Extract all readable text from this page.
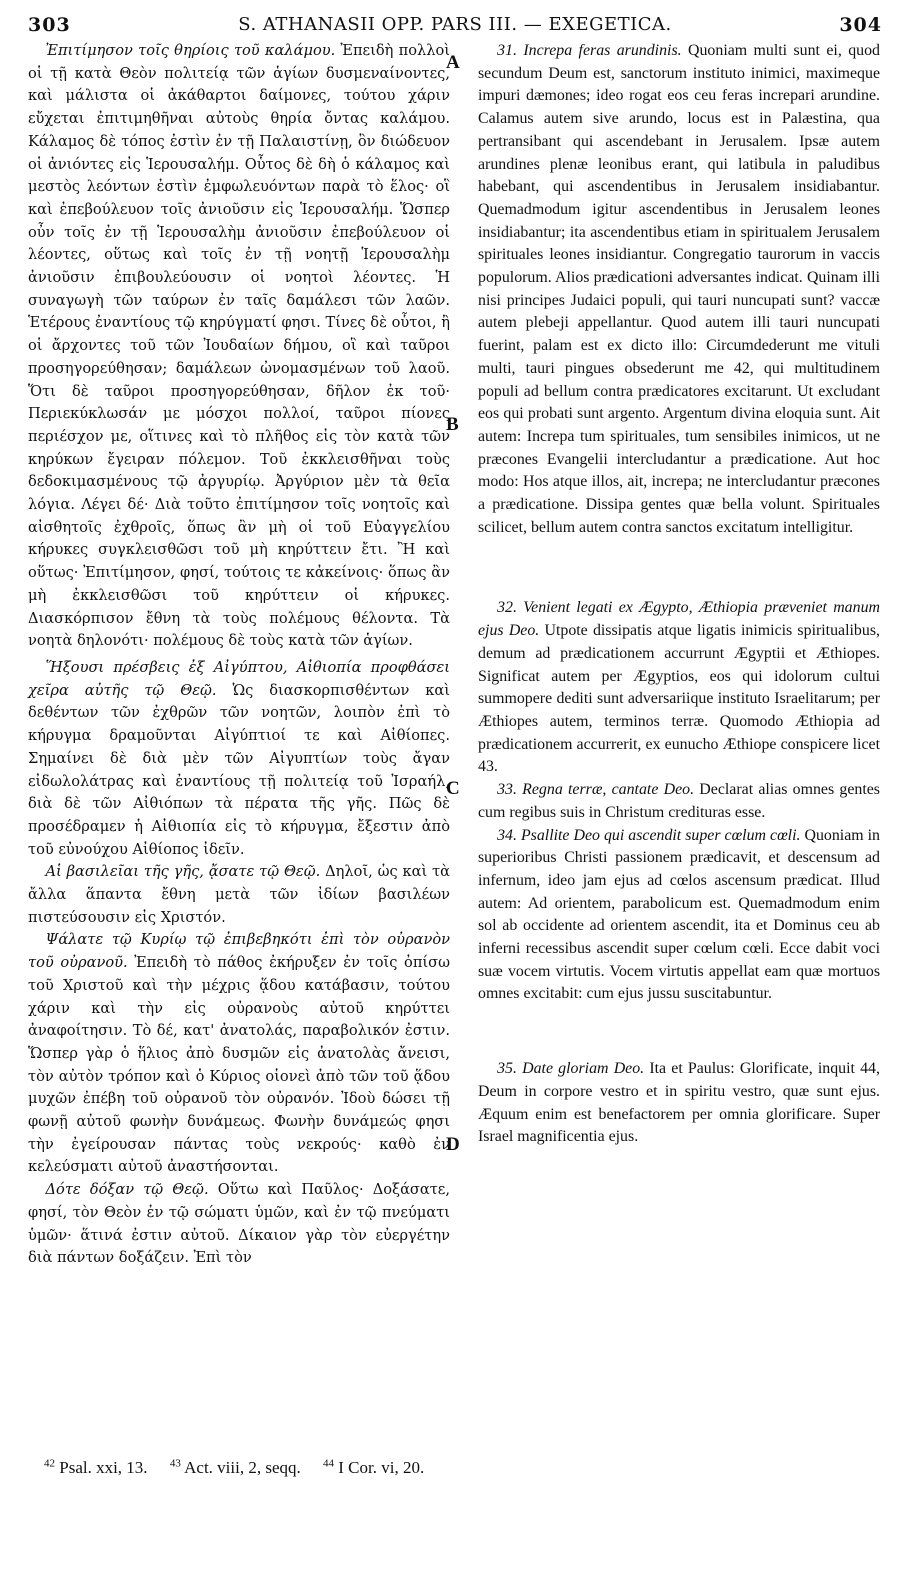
303	S. ATHANASII OPP. PARS III. — EXEGETICA.	304

Ἐπιτίμησον τοῖς θηρίοις τοῦ καλάμου. Ἐπειδὴ πολλοὶ οἱ τῇ κατὰ Θεὸν πολιτείᾳ τῶν ἁγίων δυσμεναίνοντες, καὶ μάλιστα οἱ ἀκάθαρτοι δαίμονες, τούτου χάριν εὔχεται ἐπιτιμηθῆναι αὐτοὺς θηρία ὄντας καλάμου. Κάλαμος δὲ τόπος ἐστὶν ἐν τῇ Παλαιστίνῃ, ὃν διώδευον οἱ ἀνιόντες εἰς Ἱερουσαλήμ. Οὗτος δὲ δὴ ὁ κάλαμος καὶ μεστὸς λεόντων ἐστὶν ἐμφωλευόντων παρὰ τὸ ἕλος· οἳ καὶ ἐπεβούλευον τοῖς ἀνιοῦσιν εἰς Ἱερουσαλήμ. Ὥσπερ οὖν τοῖς ἐν τῇ Ἱερουσαλὴμ ἀνιοῦσιν ἐπεβούλευον οἱ λέοντες, οὕτως καὶ τοῖς ἐν τῇ νοητῇ Ἱερουσαλὴμ ἀνιοῦσιν ἐπιβουλεύουσιν οἱ νοητοὶ λέοντες. Ἡ συναγωγὴ τῶν ταύρων ἐν ταῖς δαμάλεσι τῶν λαῶν. Ἑτέρους ἐναντίους τῷ κηρύγματί φησι. Τίνες δὲ οὗτοι, ἢ οἱ ἄρχοντες τοῦ τῶν Ἰουδαίων δήμου, οἳ καὶ ταῦροι προσηγορεύθησαν; δαμάλεων ὠνομασμένων τοῦ λαοῦ. Ὅτι δὲ ταῦροι προσηγορεύθησαν, δῆλον ἐκ τοῦ· Περιεκύκλωσάν με μόσχοι πολλοί, ταῦροι πίονες περιέσχον με, οἵτινες καὶ τὸ πλῆθος εἰς τὸν κατὰ τῶν κηρύκων ἔγειραν πόλεμον. Τοῦ ἐκκλεισθῆναι τοὺς δεδοκιμασμένους τῷ ἀργυρίῳ. Ἀργύριον μὲν τὰ θεῖα λόγια. Λέγει δέ· Διὰ τοῦτο ἐπιτίμησον τοῖς νοητοῖς καὶ αἰσθητοῖς ἐχθροῖς, ὅπως ἂν μὴ οἱ τοῦ Εὐαγγελίου κήρυκες συγκλεισθῶσι τοῦ μὴ κηρύττειν ἔτι. Ἢ καὶ οὕτως· Ἐπιτίμησον, φησί, τούτοις τε κἀκείνοις· ὅπως ἂν μὴ ἐκκλεισθῶσι τοῦ κηρύττειν οἱ κήρυκες. Διασκόρπισον ἔθνη τὰ τοὺς πολέμους θέλοντα. Τὰ νοητὰ δηλονότι· πολέμους δὲ τοὺς κατὰ τῶν ἁγίων.

Ἥξουσι πρέσβεις ἐξ Αἰγύπτου, Αἰθιοπία προφθάσει χεῖρα αὐτῆς τῷ Θεῷ. Ὡς διασκορπισθέντων καὶ δεθέντων τῶν ἐχθρῶν τῶν νοητῶν, λοιπὸν ἐπὶ τὸ κήρυγμα δραμοῦνται Αἰγύπτιοί τε καὶ Αἰθίοπες. Σημαίνει δὲ διὰ μὲν τῶν Αἰγυπτίων τοὺς ἄγαν εἰδωλολάτρας καὶ ἐναντίους τῇ πολιτείᾳ τοῦ Ἰσραήλ, διὰ δὲ τῶν Αἰθιόπων τὰ πέρατα τῆς γῆς. Πῶς δὲ προσέδραμεν ἡ Αἰθιοπία εἰς τὸ κήρυγμα, ἔξεστιν ἀπὸ τοῦ εὐνούχου Αἰθίοπος ἰδεῖν.

Αἱ βασιλεῖαι τῆς γῆς, ᾄσατε τῷ Θεῷ. Δηλοῖ, ὡς καὶ τὰ ἄλλα ἅπαντα ἔθνη μετὰ τῶν ἰδίων βασιλέων πιστεύσουσιν εἰς Χριστόν.

Ψάλατε τῷ Κυρίῳ τῷ ἐπιβεβηκότι ἐπὶ τὸν οὐρανὸν τοῦ οὐρανοῦ. Ἐπειδὴ τὸ πάθος ἐκήρυξεν ἐν τοῖς ὀπίσω τοῦ Χριστοῦ καὶ τὴν μέχρις ᾅδου κατάβασιν, τούτου χάριν καὶ τὴν εἰς οὐρανοὺς αὐτοῦ κηρύττει ἀναφοίτησιν. Τὸ δέ, κατ' ἀνατολάς, παραβολικόν ἐστιν. Ὥσπερ γὰρ ὁ ἥλιος ἀπὸ δυσμῶν εἰς ἀνατολὰς ἄνεισι, τὸν αὐτὸν τρόπον καὶ ὁ Κύριος οἱονεὶ ἀπὸ τῶν τοῦ ᾅδου μυχῶν ἐπέβη τοῦ οὐρανοῦ τὸν οὐρανόν. Ἰδοὺ δώσει τῇ φωνῇ αὐτοῦ φωνὴν δυνάμεως. Φωνὴν δυνάμεώς φησι τὴν ἐγείρουσαν πάντας τοὺς νεκρούς· καθὸ ἐν κελεύσματι αὐτοῦ ἀναστήσονται.

Δότε δόξαν τῷ Θεῷ. Οὕτω καὶ Παῦλος· Δοξάσατε, φησί, τὸν Θεὸν ἐν τῷ σώματι ὑμῶν, καὶ ἐν τῷ πνεύματι ὑμῶν· ἅτινά ἐστιν αὐτοῦ. Δίκαιον γὰρ τὸν εὐεργέτην διὰ πάντων δοξάζειν. Ἐπὶ τὸν

A
B
C
D

31. Increpa feras arundinis. Quoniam multi sunt ei, quod secundum Deum est, sanctorum instituto inimici, maximeque impuri dæmones; ideo rogat eos ceu feras increpari arundine. Calamus autem sive arundo, locus est in Palæstina, qua pertransibant qui ascendebant in Jerusalem. Ipsæ autem arundines plenæ leonibus erant, qui latibula in paludibus habebant, qui ascendentibus in Jerusalem insidiabantur. Quemadmodum igitur ascendentibus in Jerusalem leones insidiabantur; ita ascendentibus etiam in spiritualem Jerusalem spirituales leones insidiantur. Congregatio taurorum in vaccis populorum. Alios prædicationi adversantes indicat. Quinam illi nisi principes Judaici populi, qui tauri nuncupati sunt? vaccæ autem plebeji appellantur. Quod autem illi tauri nuncupati fuerint, palam est ex dicto illo: Circumdederunt me vituli multi, tauri pingues obsederunt me 42, qui multitudinem populi ad bellum contra prædicatores excitarunt. Ut excludant eos qui probati sunt argento. Argentum divina eloquia sunt. Ait autem: Increpa tum spirituales, tum sensibiles inimicos, ut ne præcones Evangelii intercludantur a prædicatione. Aut hoc modo: Hos atque illos, ait, increpa; ne intercludantur præcones a prædicatione. Dissipa gentes quæ bella volunt. Spirituales scilicet, bellum autem contra sanctos excitatum intelligitur.

32. Venient legati ex Ægypto, Æthiopia præveniet manum ejus Deo. Utpote dissipatis atque ligatis inimicis spiritualibus, demum ad prædicationem accurrunt Ægyptii et Æthiopes. Significat autem per Ægyptios, eos qui idolorum cultui summopere dediti sunt adversariique instituto Israelitarum; per Æthiopes autem, terminos terræ. Quomodo Æthiopia ad prædicationem accurrerit, ex eunucho Æthiope conspicere licet 43.

33. Regna terræ, cantate Deo. Declarat alias omnes gentes cum regibus suis in Christum credituras esse.

34. Psallite Deo qui ascendit super cœlum cœli. Quoniam in superioribus Christi passionem prædicavit, et descensum ad infernum, ideo jam ejus ad cœlos ascensum prædicat. Illud autem: Ad orientem, parabolicum est. Quemadmodum enim sol ab occidente ad orientem ascendit, ita et Dominus ceu ab inferni recessibus ascendit super cœlum cœli. Ecce dabit voci suæ vocem virtutis. Vocem virtutis appellat eam quæ mortuos omnes excitabit: cum ejus jussu suscitabuntur.

35. Date gloriam Deo. Ita et Paulus: Glorificate, inquit 44, Deum in corpore vestro et in spiritu vestro, quæ sunt ejus. Æquum enim est benefactorem per omnia glorificare. Super Israel magnificentia ejus.

$^{42}$ Psal. xxi, 13. $^{43}$ Act. viii, 2, seqq. $^{44}$ I Cor. vi, 20.
